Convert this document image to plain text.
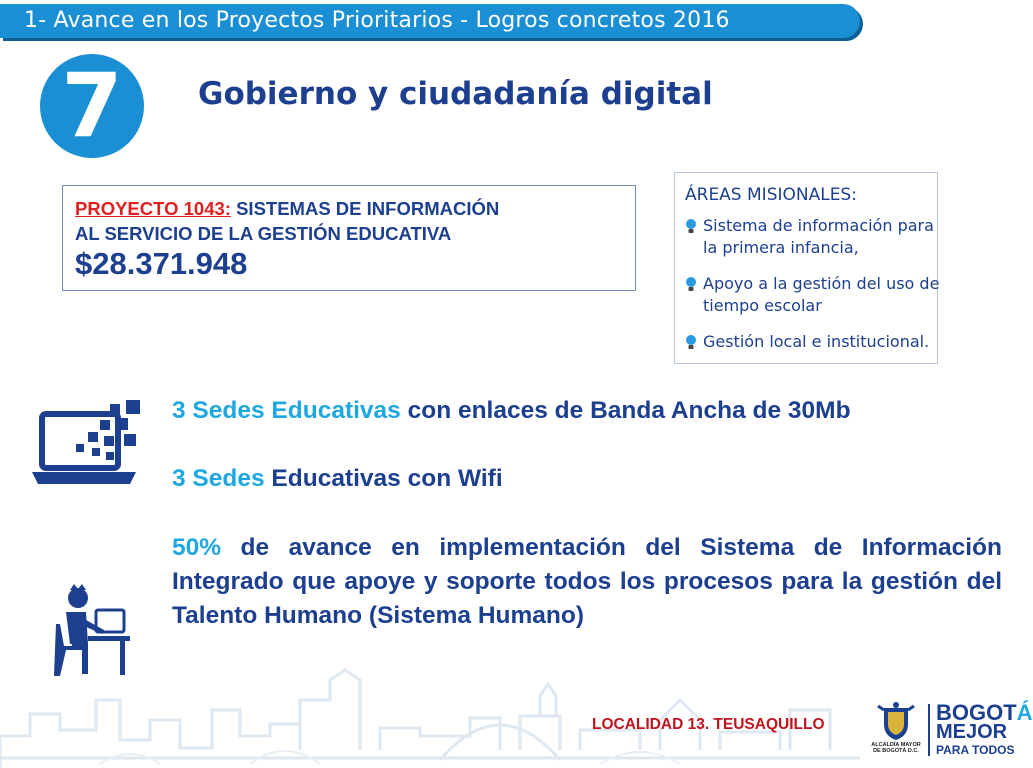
1- Avance en los Proyectos Prioritarios - Logros concretos 2016
7	Gobierno y ciudadanía digital
PROYECTO 1043: SISTEMAS DE INFORMACIÓN
AL SERVICIO DE LA GESTIÓN EDUCATIVA
$28.371.948
ÁREAS MISIONALES:
Sistema de información para la primera infancia,
Apoyo a la gestión del uso de tiempo escolar
Gestión local e institucional.
3 Sedes Educativas con enlaces de Banda Ancha de 30Mb
3 Sedes Educativas con Wifi
50% de avance en implementación del Sistema de Información Integrado que apoye y soporte todos los procesos para la gestión del Talento Humano (Sistema Humano)
LOCALIDAD 13. TEUSAQUILLO
ALCALDÍA MAYOR
DE BOGOTÁ D.C.
BOGOTÁ
MEJOR
PARA TODOS
